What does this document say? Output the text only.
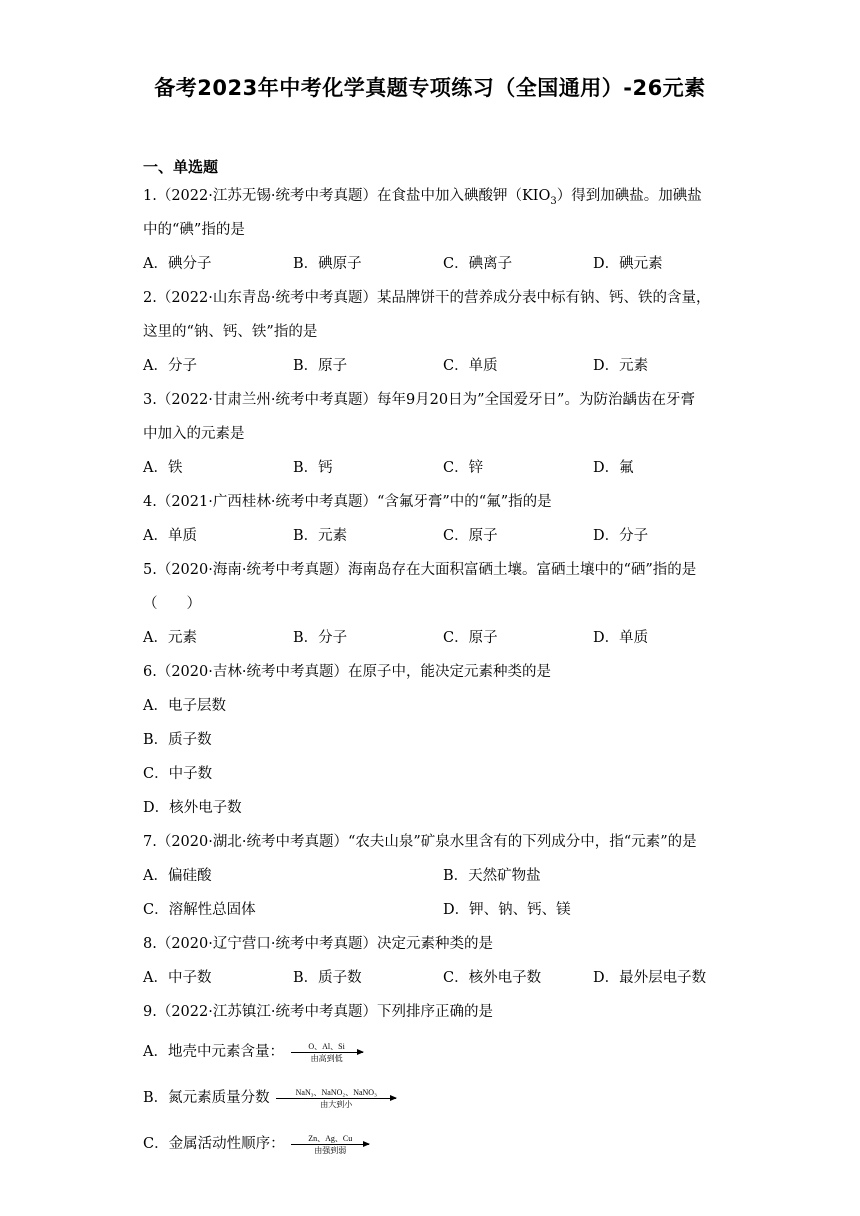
备考2023年中考化学真题专项练习（全国通用）-26元素
一、单选题
1.（2022·江苏无锡·统考中考真题）在食盐中加入碘酸钾$(KIO_3)$得到加碘盐。加碘盐
中的“碘”指的是
A．碘分子	B．碘原子	C．碘离子	D．碘元素
2.（2022·山东青岛·统考中考真题）某品牌饼干的营养成分表中标有钠、钙、铁的含量，
这里的“钠、钙、铁”指的是
A．分子	B．原子	C．单质	D．元素
3.（2022·甘肃兰州·统考中考真题）每年9月20日为”全国爱牙日”。为防治龋齿在牙膏
中加入的元素是
A．铁	B．钙	C．锌	D．氟
4.（2021·广西桂林·统考中考真题）“含氟牙膏”中的“氟”指的是
A．单质	B．元素	C．原子	D．分子
5.（2020·海南·统考中考真题）海南岛存在大面积富硒土壤。富硒土壤中的“硒”指的是
（　　）
A．元素	B．分子	C．原子	D．单质
6.（2020·吉林·统考中考真题）在原子中，能决定元素种类的是
A．电子层数
B．质子数
C．中子数
D．核外电子数
7.（2020·湖北·统考中考真题）“农夫山泉”矿泉水里含有的下列成分中，指“元素”的是
A．偏硅酸	B．天然矿物盐
C．溶解性总固体	D．钾、钠、钙、镁
8.（2020·辽宁营口·统考中考真题）决定元素种类的是
A．中子数	B．质子数	C．核外电子数	D．最外层电子数
9.（2022·江苏镇江·统考中考真题）下列排序正确的是
A．地壳中元素含量：	O、Al、Si
由高到低
B．氮元素质量分数	NaN₃、NaNO₂、NaNO₃
由大到小
C．金属活动性顺序：	Zn、Ag、Cu
由强到弱
